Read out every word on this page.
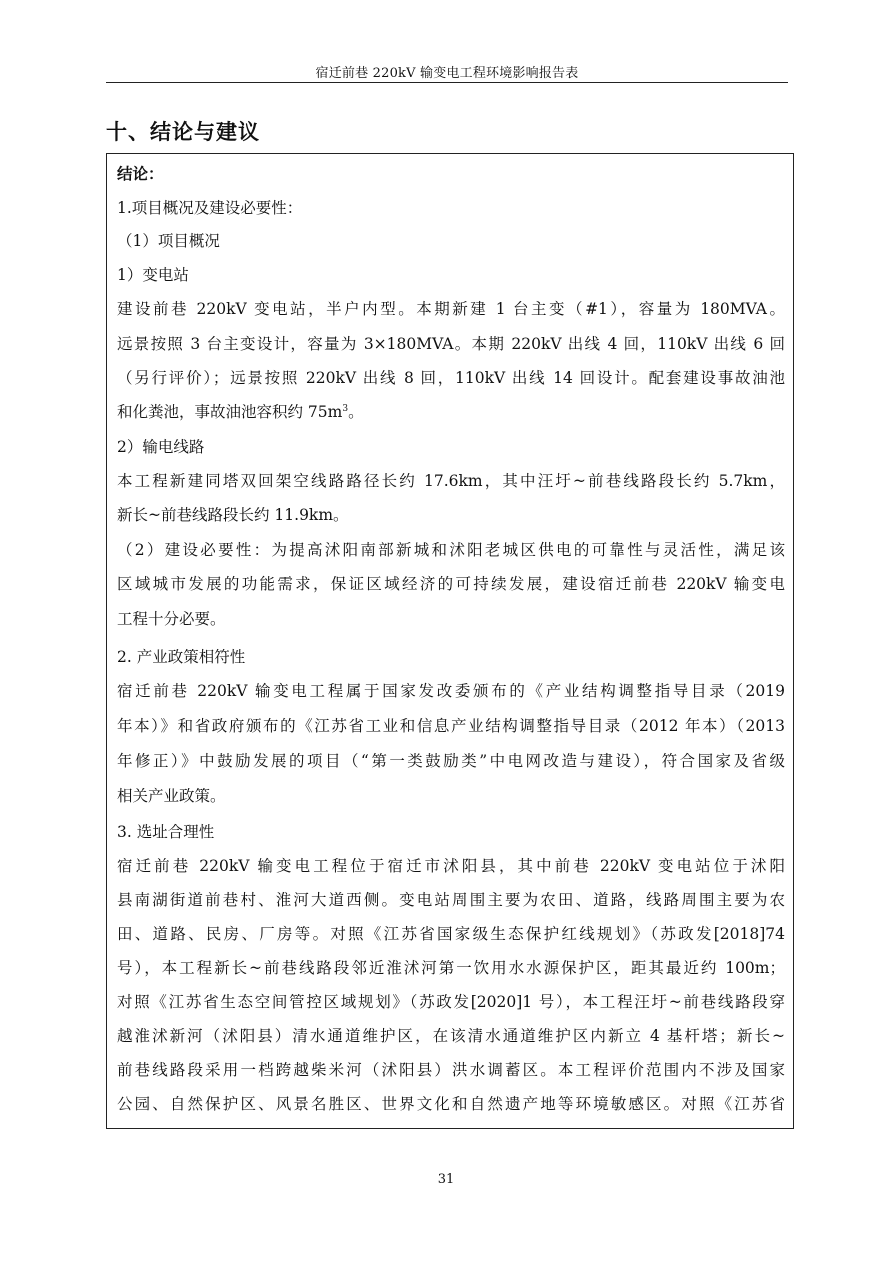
宿迁前巷 220kV 输变电工程环境影响报告表
十、结论与建议
结论：
1.项目概况及建设必要性：
（1）项目概况
1）变电站
建设前巷 220kV 变电站，半户内型。本期新建 1 台主变（#1），容量为 180MVA。
远景按照 3 台主变设计，容量为 3×180MVA。本期 220kV 出线 4 回，110kV 出线 6 回
（另行评价）；远景按照 220kV 出线 8 回，110kV 出线 14 回设计。配套建设事故油池
和化粪池，事故油池容积约 $75m^3$。
2）输电线路
本工程新建同塔双回架空线路路径长约 17.6km，其中汪圩~前巷线路段长约 5.7km，
新长~前巷线路段长约 11.9km。
（2）建设必要性：为提高沭阳南部新城和沭阳老城区供电的可靠性与灵活性，满足该
区域城市发展的功能需求，保证区域经济的可持续发展，建设宿迁前巷 220kV 输变电
工程十分必要。
2. 产业政策相符性
宿迁前巷 220kV 输变电工程属于国家发改委颁布的《产业结构调整指导目录（2019
年本）》和省政府颁布的《江苏省工业和信息产业结构调整指导目录（2012 年本）（2013
年修正）》中鼓励发展的项目（“第一类鼓励类”中电网改造与建设），符合国家及省级
相关产业政策。
3. 选址合理性
宿迁前巷 220kV 输变电工程位于宿迁市沭阳县，其中前巷 220kV 变电站位于沭阳
县南湖街道前巷村、淮河大道西侧。变电站周围主要为农田、道路，线路周围主要为农
田、道路、民房、厂房等。对照《江苏省国家级生态保护红线规划》（苏政发[2018]74
号），本工程新长~前巷线路段邻近淮沭河第一饮用水水源保护区，距其最近约 100m；
对照《江苏省生态空间管控区域规划》（苏政发[2020]1 号），本工程汪圩~前巷线路段穿
越淮沭新河（沭阳县）清水通道维护区，在该清水通道维护区内新立 4 基杆塔；新长~
前巷线路段采用一档跨越柴米河（沭阳县）洪水调蓄区。本工程评价范围内不涉及国家
公园、自然保护区、风景名胜区、世界文化和自然遗产地等环境敏感区。对照《江苏省
31
